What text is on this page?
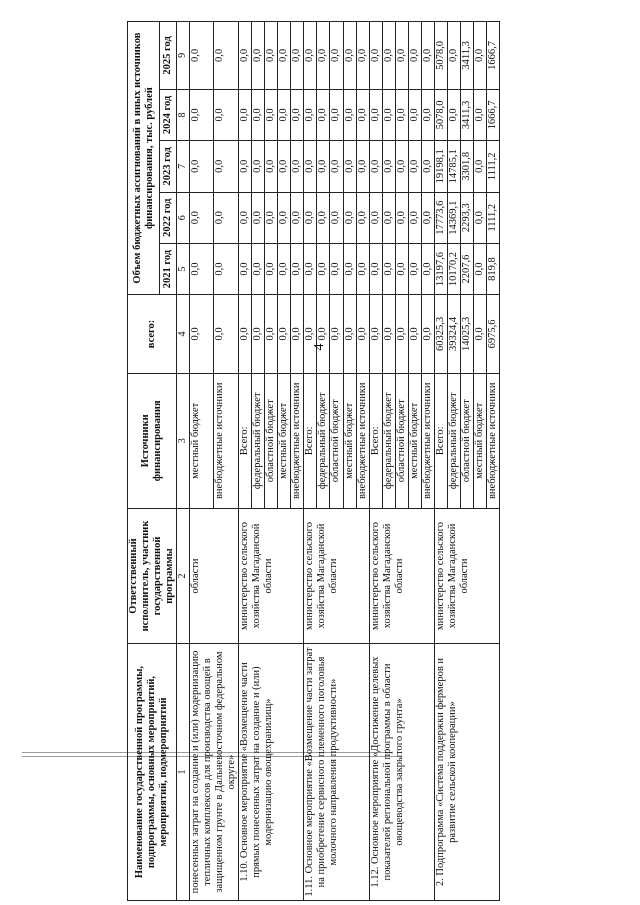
4
Наименование государственной программы, подпрограммы, основных мероприятий, мероприятий, подмероприятий	Ответственный исполнитель, участник государственной программы	Источники финансирования	всего:	Объем бюджетных ассигнований в иных источников финансирования, тыс. рублей				
				2021 год	2022 год	2023 год	2024 год	2025 год
1	2	3	4	5	6	7	8	9
понесенных затрат на создание и (или) модернизацию тепличных комплексов для производства овощей в защищенном грунте в Дальневосточном федеральном округе»	области	местный бюджет	0,0	0,0	0,0	0,0	0,0	0,0
		внебюджетные источники	0,0	0,0	0,0	0,0	0,0	0,0
1.10. Основное мероприятие «Возмещение части прямых понесенных затрат на создание и (или) модернизацию овощехранилищ»	министерство сельского хозяйства Магаданской области	Всего:	0,0	0,0	0,0	0,0	0,0	0,0
		федеральный бюджет	0,0	0,0	0,0	0,0	0,0	0,0
		областной бюджет	0,0	0,0	0,0	0,0	0,0	0,0
		местный бюджет	0,0	0,0	0,0	0,0	0,0	0,0
		внебюджетные источники	0,0	0,0	0,0	0,0	0,0	0,0
1.11. Основное мероприятие «Возмещение части затрат на приобретение сервисного племенного поголовья молочного направления продуктивности»	министерство сельского хозяйства Магаданской области	Всего:	0,0	0,0	0,0	0,0	0,0	0,0
		федеральный бюджет	0,0	0,0	0,0	0,0	0,0	0,0
		областной бюджет	0,0	0,0	0,0	0,0	0,0	0,0
		местный бюджет	0,0	0,0	0,0	0,0	0,0	0,0
		внебюджетные источники	0,0	0,0	0,0	0,0	0,0	0,0
1.12. Основное мероприятие «Достижение целевых показателей региональной программы в области овощеводства закрытого грунта»	министерство сельского хозяйства Магаданской области	Всего:	0,0	0,0	0,0	0,0	0,0	0,0
		федеральный бюджет	0,0	0,0	0,0	0,0	0,0	0,0
		областной бюджет	0,0	0,0	0,0	0,0	0,0	0,0
		местный бюджет	0,0	0,0	0,0	0,0	0,0	0,0
		внебюджетные источники	0,0	0,0	0,0	0,0	0,0	0,0
2. Подпрограмма «Система поддержки фермеров и развитие сельской кооперации»	министерство сельского хозяйства Магаданской области	Всего:	60325,3	13197,6	17773,6	19198,1	5078,0	5078,0
		федеральный бюджет	39324,4	10170,2	14369,1	14785,1	0,0	0,0
		областной бюджет	14025,3	2207,6	2293,3	3301,8	3411,3	3411,3
		местный бюджет	0,0	0,0	0,0	0,0	0,0	0,0
		внебюджетные источники	6975,6	819,8	1111,2	1111,2	1666,7	1666,7
